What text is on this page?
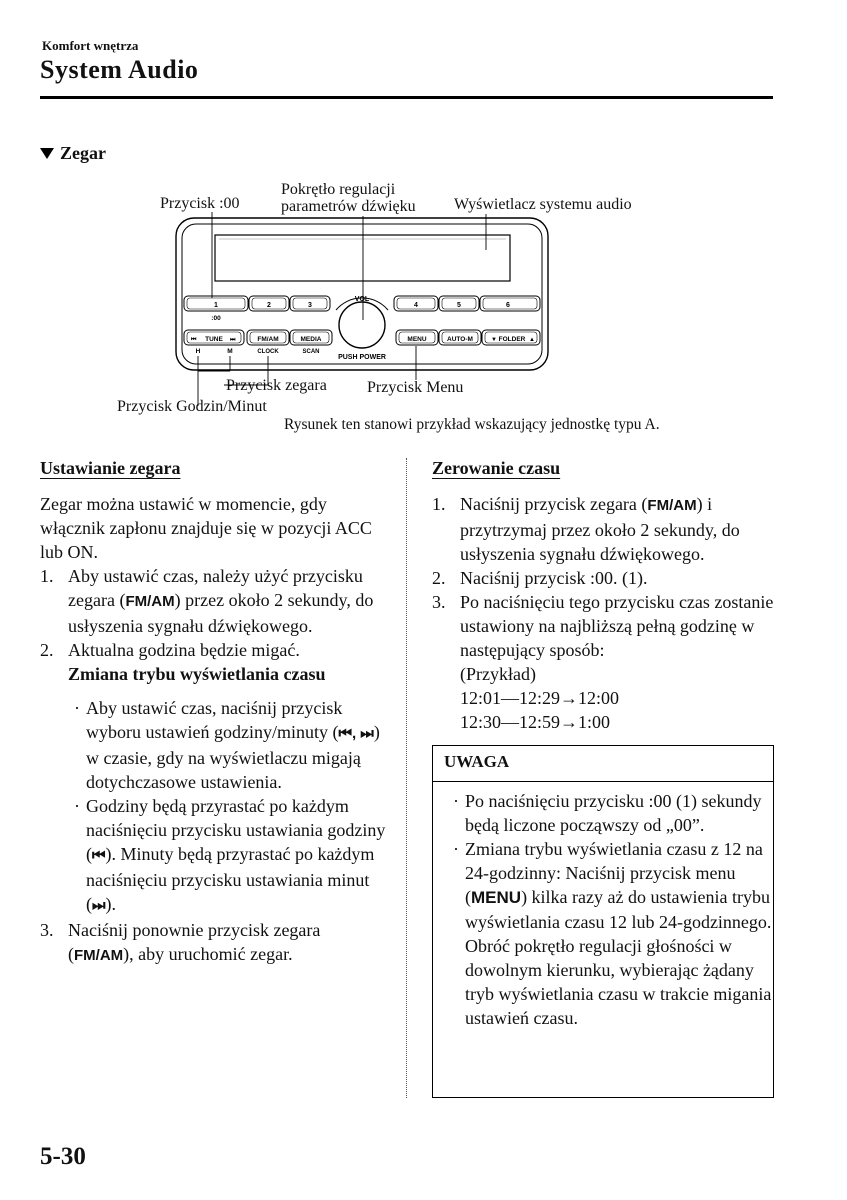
Komfort wnętrza
System Audio
Zegar
Przycisk :00
Pokrętło regulacji
parametrów dźwięku Wyświetlacz systemu audio
Przycisk zegara	Przycisk Menu
Przycisk Godzin/Minut
Rysunek ten stanowi przykład wskazujący jednostkę typu A.
VOL
PUSH POWER
1	2	3
:00
4	5	6
⏮ TUNE ⏭
H	M
FM/AM
CLOCK
MEDIA
SCAN
MENU	AUTO-M	▼ FOLDER ▲
Ustawianie zegara

Zegar można ustawić w momencie, gdy włącznik zapłonu znajduje się w pozycji ACC lub ON.

1. Aby ustawić czas, należy użyć przycisku zegara (FM/AM) przez około 2 sekundy, do usłyszenia sygnału dźwiękowego.
2. Aktualna godzina będzie migać.
Zmiana trybu wyświetlania czasu
· Aby ustawić czas, naciśnij przycisk wyboru ustawień godziny/minuty (⏮, ⏭) w czasie, gdy na wyświetlaczu migają dotychczasowe ustawienia.
· Godziny będą przyrastać po każdym naciśnięciu przycisku ustawiania godziny (⏮). Minuty będą przyrastać po każdym naciśnięciu przycisku ustawiania minut (⏭).
3. Naciśnij ponownie przycisk zegara (FM/AM), aby uruchomić zegar.
Zerowanie czasu
1. Naciśnij przycisk zegara (FM/AM) i przytrzymaj przez około 2 sekundy, do usłyszenia sygnału dźwiękowego.
2. Naciśnij przycisk :00. (1).
3. Po naciśnięciu tego przycisku czas zostanie ustawiony na najbliższą pełną godzinę w następujący sposób:
(Przykład)
12:01—12:29→12:00
12:30—12:59→1:00
UWAGA
· Po naciśnięciu przycisku :00 (1) sekundy będą liczone począwszy od „00”.
· Zmiana trybu wyświetlania czasu z 12 na 24-godzinny: Naciśnij przycisk menu (MENU) kilka razy aż do ustawienia trybu wyświetlania czasu 12 lub 24-godzinnego. Obróć pokrętło regulacji głośności w dowolnym kierunku, wybierając żądany tryb wyświetlania czasu w trakcie migania ustawień czasu.
5-30
